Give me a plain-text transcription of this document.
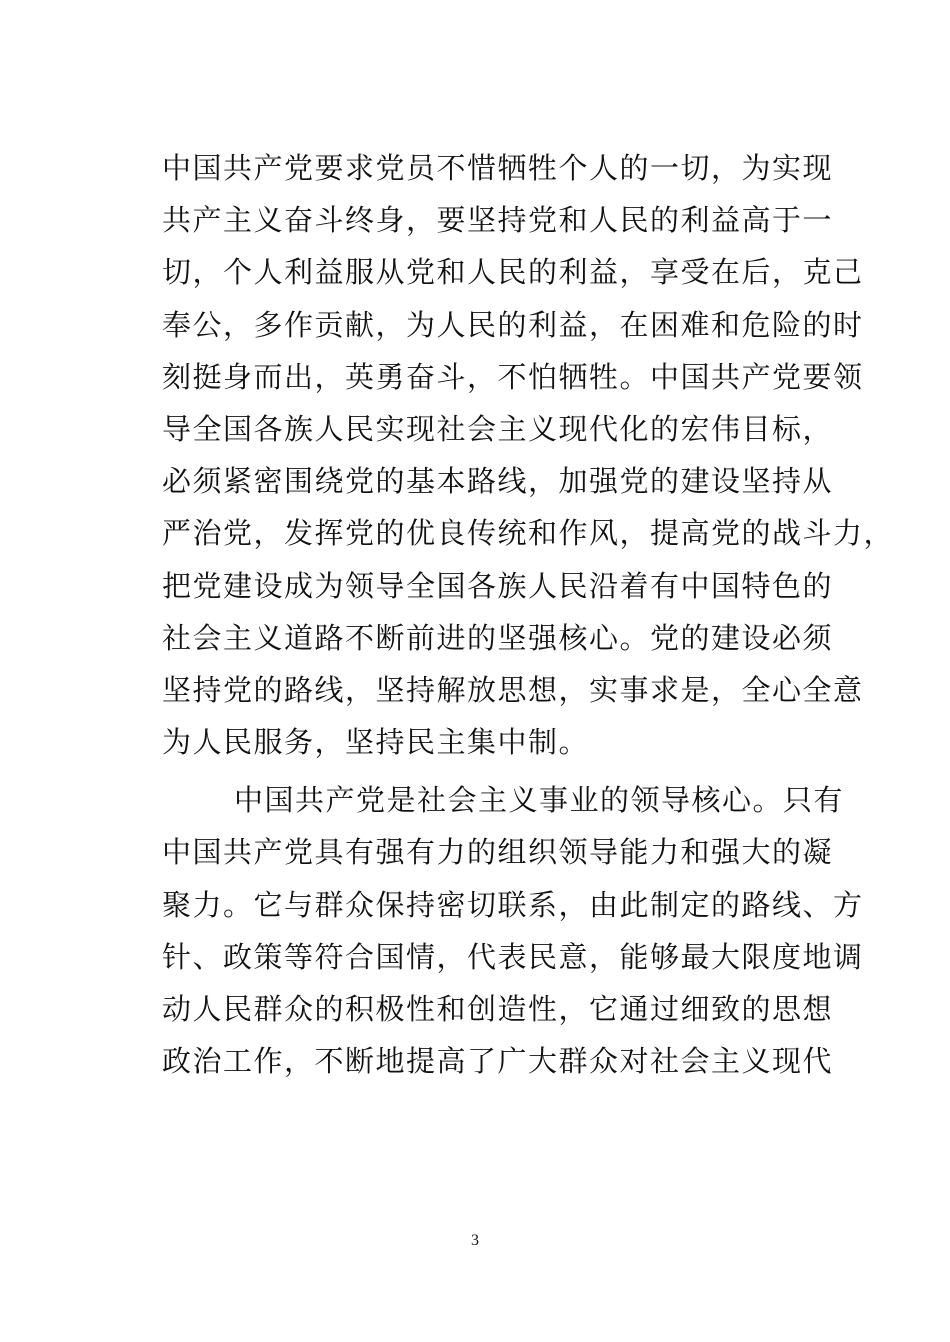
中国共产党要求党员不惜牺牲个人的一切，为实现
共产主义奋斗终身，要坚持党和人民的利益高于一
切，个人利益服从党和人民的利益，享受在后，克己
奉公，多作贡献，为人民的利益，在困难和危险的时
刻挺身而出，英勇奋斗，不怕牺牲。中国共产党要领
导全国各族人民实现社会主义现代化的宏伟目标，
必须紧密围绕党的基本路线，加强党的建设坚持从
严治党，发挥党的优良传统和作风，提高党的战斗力，
把党建设成为领导全国各族人民沿着有中国特色的
社会主义道路不断前进的坚强核心。党的建设必须
坚持党的路线，坚持解放思想，实事求是，全心全意
为人民服务，坚持民主集中制。
中国共产党是社会主义事业的领导核心。只有
中国共产党具有强有力的组织领导能力和强大的凝
聚力。它与群众保持密切联系，由此制定的路线、方
针、政策等符合国情，代表民意，能够最大限度地调
动人民群众的积极性和创造性，它通过细致的思想
政治工作，不断地提高了广大群众对社会主义现代
3
